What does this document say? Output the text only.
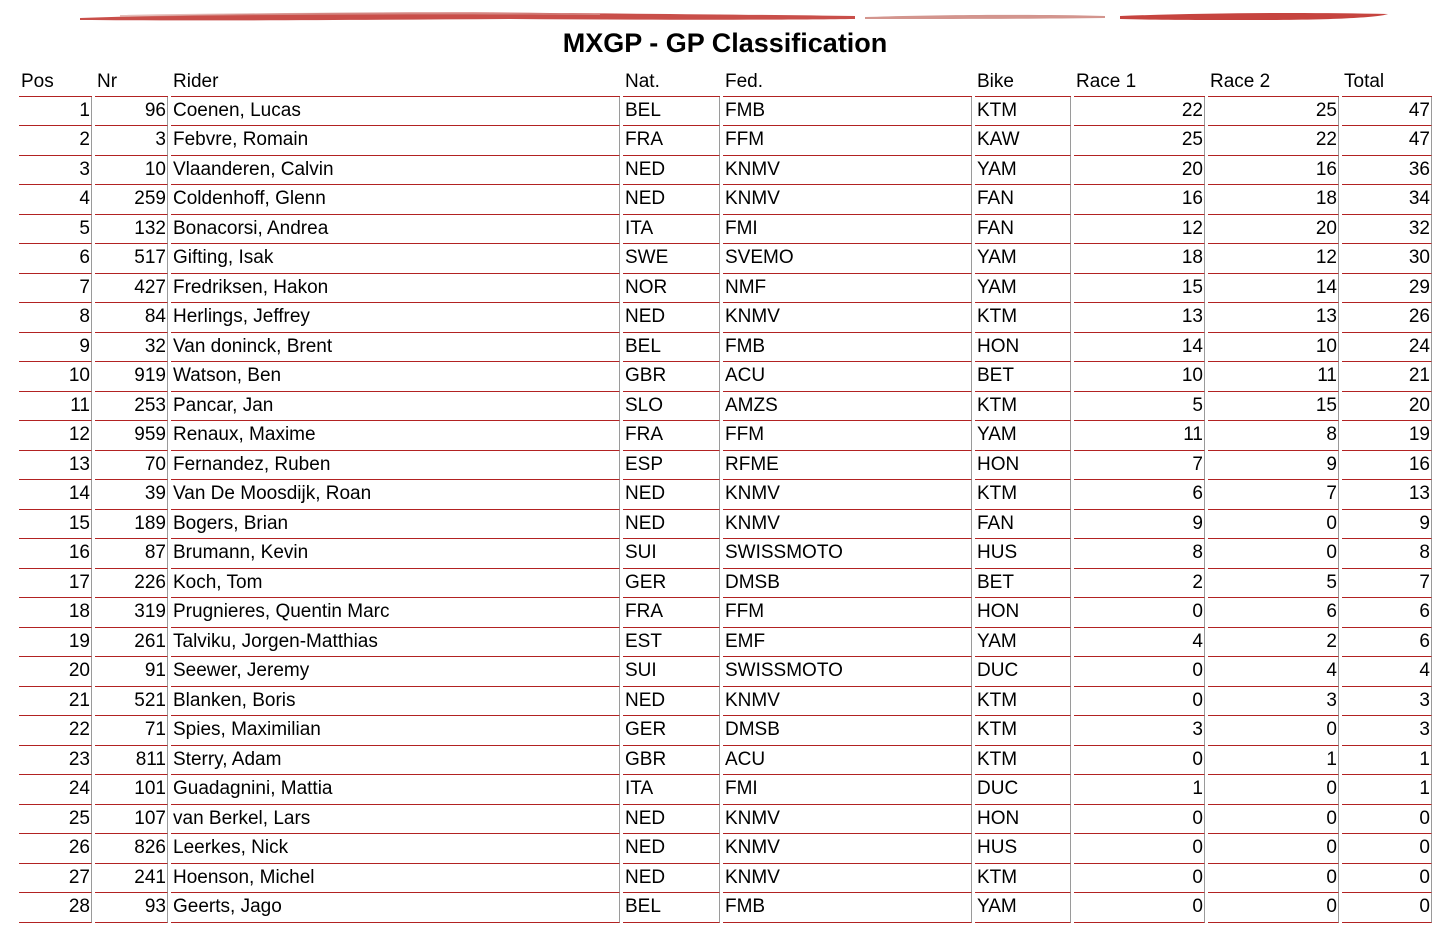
MXGP - GP Classification
Pos	Nr	Rider	Nat.	Fed.	Bike	Race 1	Race 2	Total
1	96	Coenen, Lucas	BEL	FMB	KTM	22	25	47
2	3	Febvre, Romain	FRA	FFM	KAW	25	22	47
3	10	Vlaanderen, Calvin	NED	KNMV	YAM	20	16	36
4	259	Coldenhoff, Glenn	NED	KNMV	FAN	16	18	34
5	132	Bonacorsi, Andrea	ITA	FMI	FAN	12	20	32
6	517	Gifting, Isak	SWE	SVEMO	YAM	18	12	30
7	427	Fredriksen, Hakon	NOR	NMF	YAM	15	14	29
8	84	Herlings, Jeffrey	NED	KNMV	KTM	13	13	26
9	32	Van doninck, Brent	BEL	FMB	HON	14	10	24
10	919	Watson, Ben	GBR	ACU	BET	10	11	21
11	253	Pancar, Jan	SLO	AMZS	KTM	5	15	20
12	959	Renaux, Maxime	FRA	FFM	YAM	11	8	19
13	70	Fernandez, Ruben	ESP	RFME	HON	7	9	16
14	39	Van De Moosdijk, Roan	NED	KNMV	KTM	6	7	13
15	189	Bogers, Brian	NED	KNMV	FAN	9	0	9
16	87	Brumann, Kevin	SUI	SWISSMOTO	HUS	8	0	8
17	226	Koch, Tom	GER	DMSB	BET	2	5	7
18	319	Prugnieres, Quentin Marc	FRA	FFM	HON	0	6	6
19	261	Talviku, Jorgen-Matthias	EST	EMF	YAM	4	2	6
20	91	Seewer, Jeremy	SUI	SWISSMOTO	DUC	0	4	4
21	521	Blanken, Boris	NED	KNMV	KTM	0	3	3
22	71	Spies, Maximilian	GER	DMSB	KTM	3	0	3
23	811	Sterry, Adam	GBR	ACU	KTM	0	1	1
24	101	Guadagnini, Mattia	ITA	FMI	DUC	1	0	1
25	107	van Berkel, Lars	NED	KNMV	HON	0	0	0
26	826	Leerkes, Nick	NED	KNMV	HUS	0	0	0
27	241	Hoenson, Michel	NED	KNMV	KTM	0	0	0
28	93	Geerts, Jago	BEL	FMB	YAM	0	0	0
